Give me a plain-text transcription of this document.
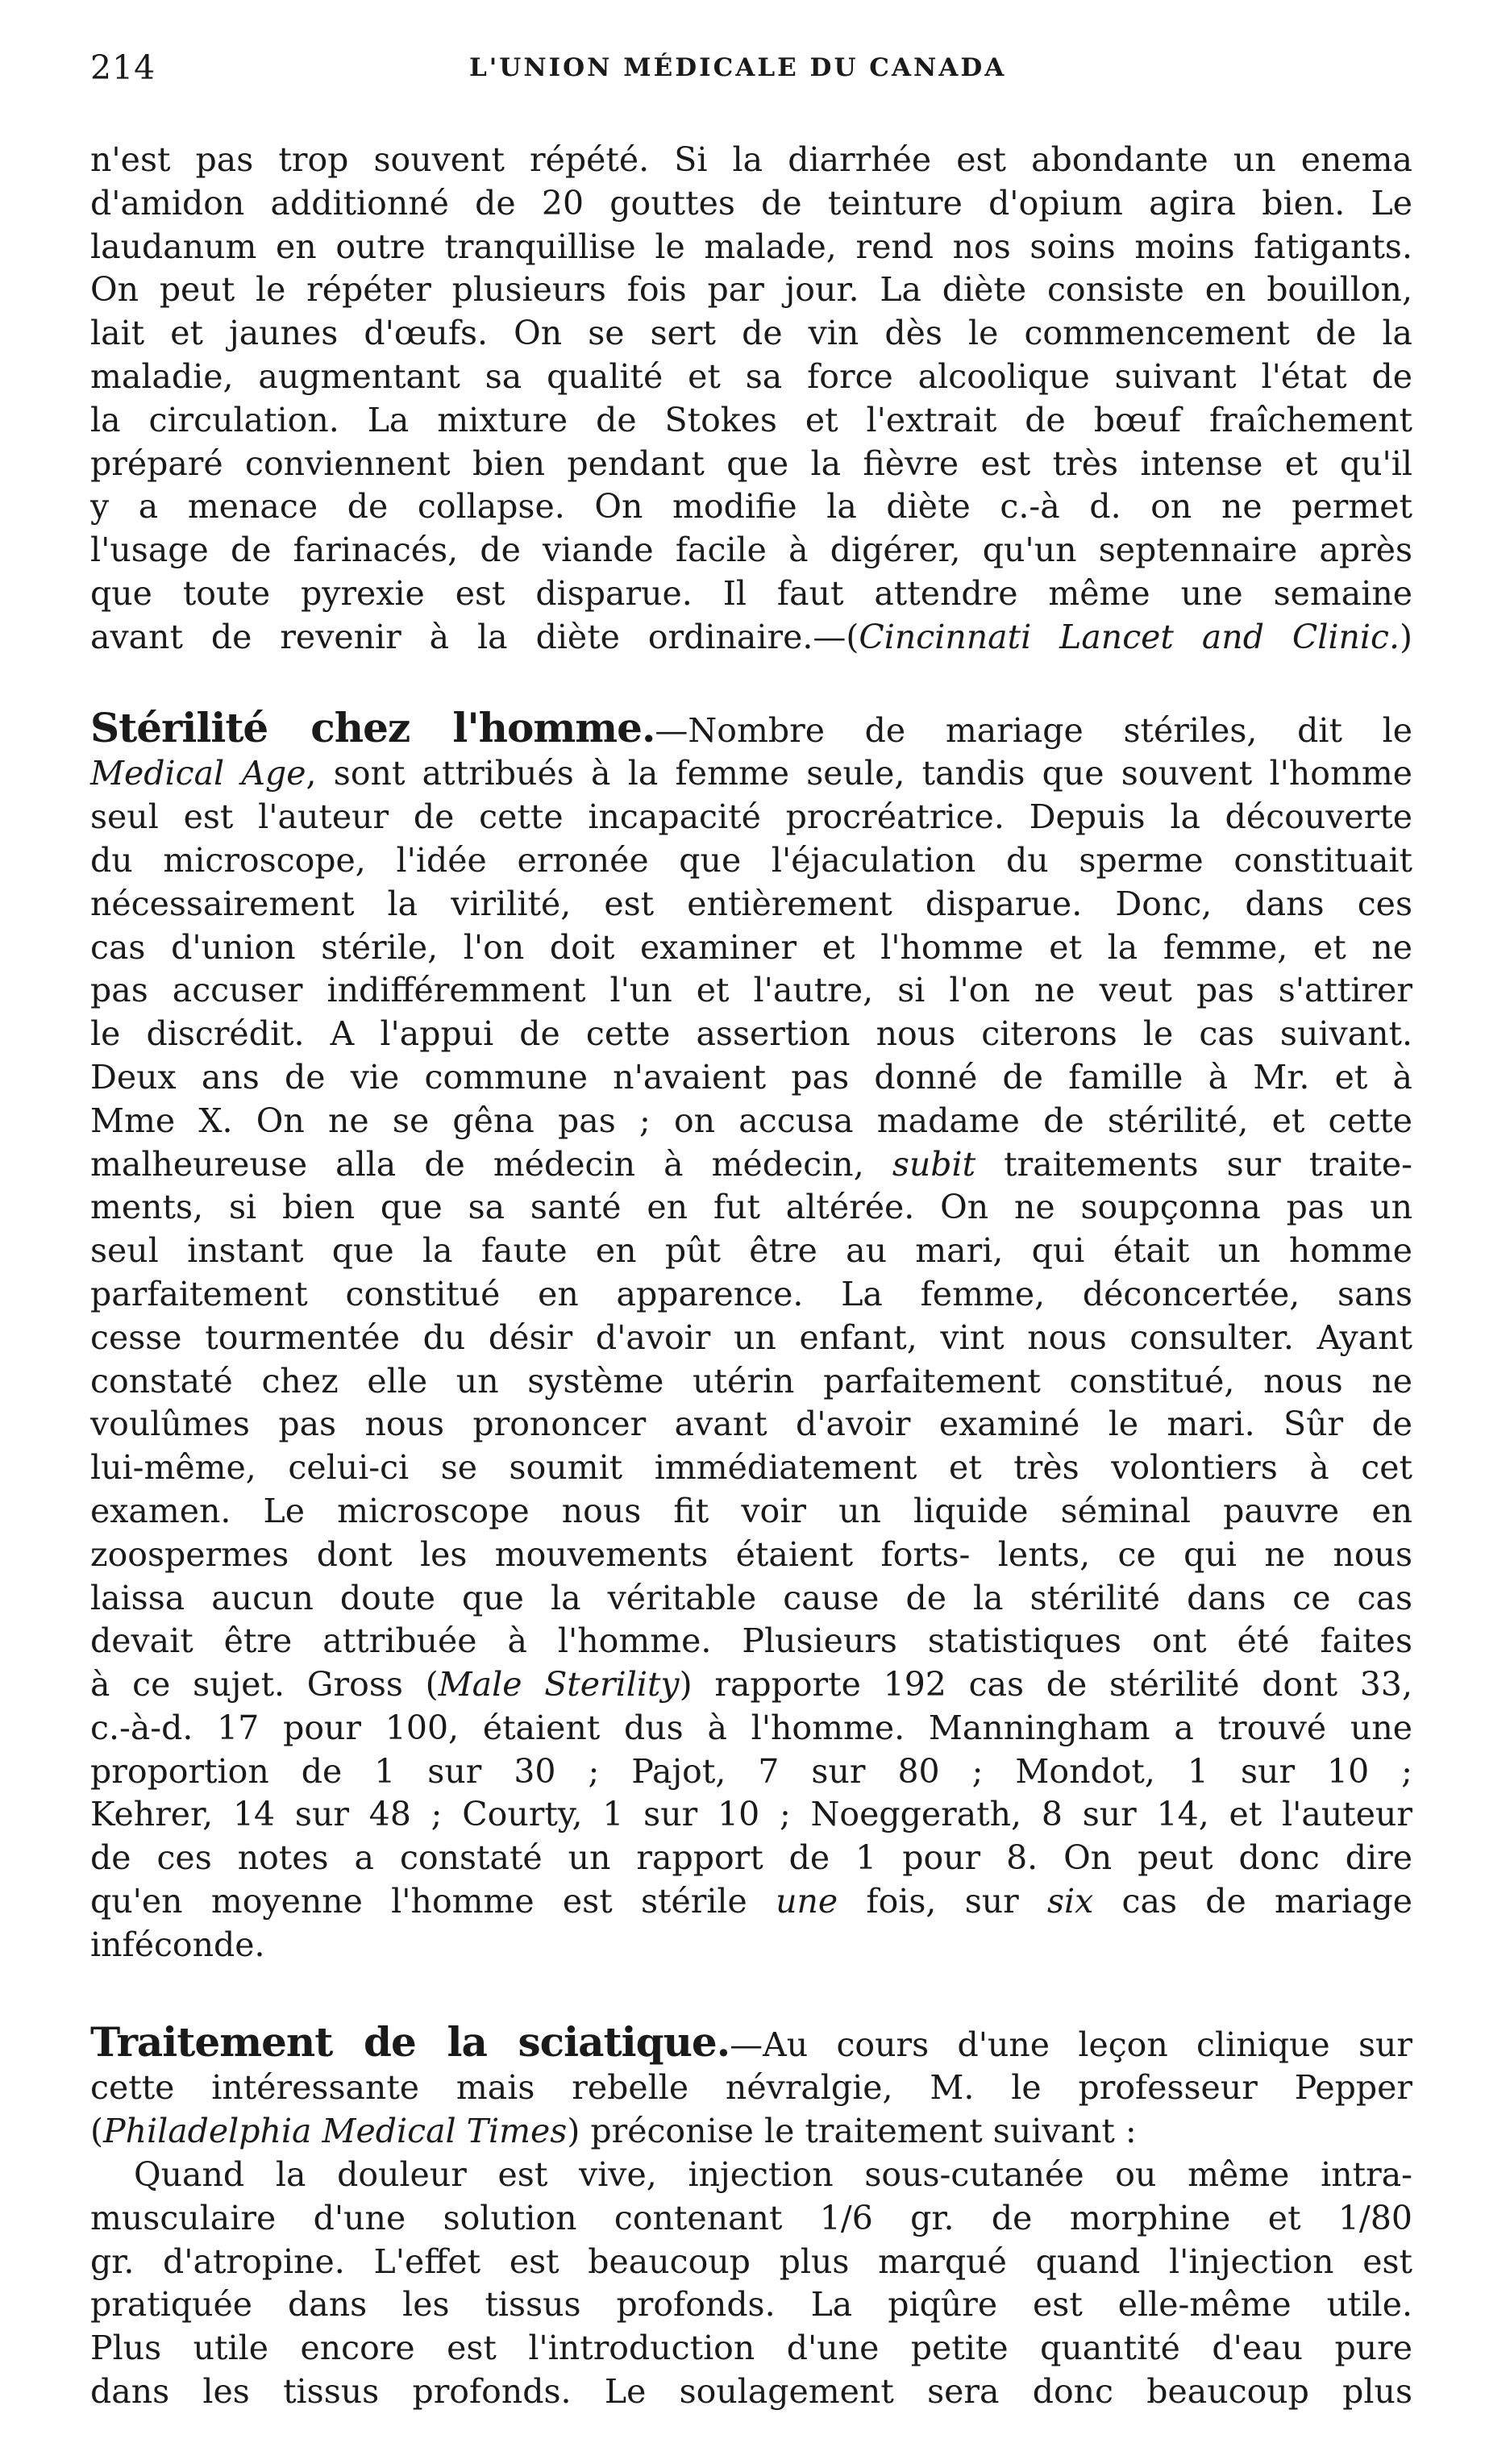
214	L'UNION MÉDICALE DU CANADA
n'est pas trop souvent répété. Si la diarrhée est abondante un enema
d'amidon additionné de 20 gouttes de teinture d'opium agira bien. Le
laudanum en outre tranquillise le malade, rend nos soins moins fatigants.
On peut le répéter plusieurs fois par jour. La diète consiste en bouillon,
lait et jaunes d'œufs. On se sert de vin dès le commencement de la
maladie, augmentant sa qualité et sa force alcoolique suivant l'état de
la circulation. La mixture de Stokes et l'extrait de bœuf fraîchement
préparé conviennent bien pendant que la fièvre est très intense et qu'il
y a menace de collapse. On modifie la diète c.-à d. on ne permet
l'usage de farinacés, de viande facile à digérer, qu'un septennaire après
que toute pyrexie est disparue. Il faut attendre même une semaine
avant de revenir à la diète ordinaire.—(Cincinnati Lancet and Clinic.)
Stérilité chez l'homme.—Nombre de mariage stériles, dit le
Medical Age, sont attribués à la femme seule, tandis que souvent l'homme
seul est l'auteur de cette incapacité procréatrice. Depuis la découverte
du microscope, l'idée erronée que l'éjaculation du sperme constituait
nécessairement la virilité, est entièrement disparue. Donc, dans ces
cas d'union stérile, l'on doit examiner et l'homme et la femme, et ne
pas accuser indifféremment l'un et l'autre, si l'on ne veut pas s'attirer
le discrédit. A l'appui de cette assertion nous citerons le cas suivant.
Deux ans de vie commune n'avaient pas donné de famille à Mr. et à
Mme X. On ne se gêna pas ; on accusa madame de stérilité, et cette
malheureuse alla de médecin à médecin, subit traitements sur traite-
ments, si bien que sa santé en fut altérée. On ne soupçonna pas un
seul instant que la faute en pût être au mari, qui était un homme
parfaitement constitué en apparence. La femme, déconcertée, sans
cesse tourmentée du désir d'avoir un enfant, vint nous consulter. Ayant
constaté chez elle un système utérin parfaitement constitué, nous ne
voulûmes pas nous prononcer avant d'avoir examiné le mari. Sûr de
lui-même, celui-ci se soumit immédiatement et très volontiers à cet
examen. Le microscope nous fit voir un liquide séminal pauvre en
zoospermes dont les mouvements étaient forts- lents, ce qui ne nous
laissa aucun doute que la véritable cause de la stérilité dans ce cas
devait être attribuée à l'homme. Plusieurs statistiques ont été faites
à ce sujet. Gross (Male Sterility) rapporte 192 cas de stérilité dont 33,
c.-à-d. 17 pour 100, étaient dus à l'homme. Manningham a trouvé une
proportion de 1 sur 30 ; Pajot, 7 sur 80 ; Mondot, 1 sur 10 ;
Kehrer, 14 sur 48 ; Courty, 1 sur 10 ; Noeggerath, 8 sur 14, et l'auteur
de ces notes a constaté un rapport de 1 pour 8. On peut donc dire
qu'en moyenne l'homme est stérile une fois, sur six cas de mariage
inféconde.
Traitement de la sciatique.—Au cours d'une leçon clinique sur
cette intéressante mais rebelle névralgie, M. le professeur Pepper
(Philadelphia Medical Times) préconise le traitement suivant :
Quand la douleur est vive, injection sous-cutanée ou même intra-
musculaire d'une solution contenant 1/6 gr. de morphine et 1/80
gr. d'atropine. L'effet est beaucoup plus marqué quand l'injection est
pratiquée dans les tissus profonds. La piqûre est elle-même utile.
Plus utile encore est l'introduction d'une petite quantité d'eau pure
dans les tissus profonds. Le soulagement sera donc beaucoup plus
